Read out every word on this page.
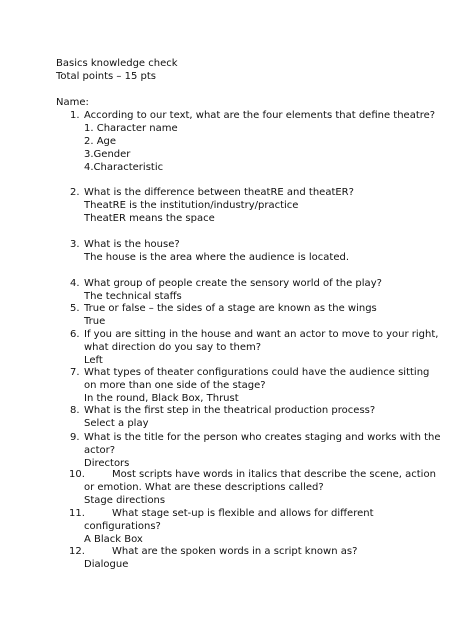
Basics knowledge check
Total points – 15 pts
Name:
1. According to our text, what are the four elements that define theatre?
1. Character name
2. Age
3.Gender
4.Characteristic
2. What is the difference between theatRE and theatER?
TheatRE is the institution/industry/practice
TheatER means the space
3. What is the house?
The house is the area where the audience is located.
4. What group of people create the sensory world of the play?
The technical staffs
5. True or false – the sides of a stage are known as the wings
True
6. If you are sitting in the house and want an actor to move to your right,
what direction do you say to them?
Left
7. What types of theater configurations could have the audience sitting
on more than one side of the stage?
In the round, Black Box, Thrust
8. What is the first step in the theatrical production process?
Select a play
9. What is the title for the person who creates staging and works with the
actor?
Directors
10.	Most scripts have words in italics that describe the scene, action
or emotion. What are these descriptions called?
Stage directions
11.	What stage set-up is flexible and allows for different
configurations?
A Black Box
12.	What are the spoken words in a script known as?
Dialogue
